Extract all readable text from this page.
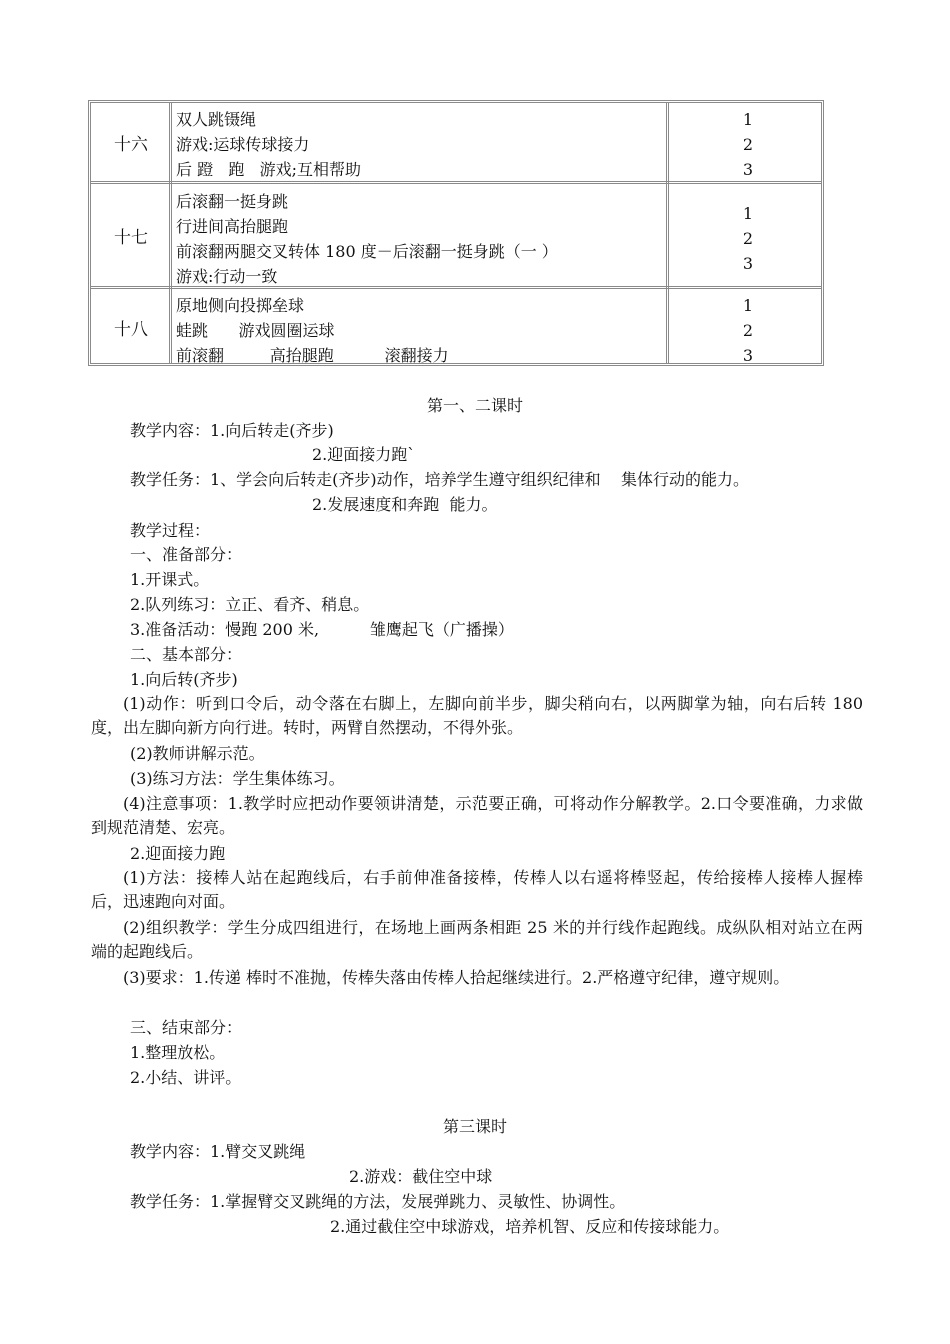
十六
双人跳镊绳
游戏:运球传球接力
后 蹬   跑   游戏;互相帮助
1
2
3
十七
后滚翻一挺身跳
行进间高抬腿跑
前滚翻两腿交叉转体 180 度－后滚翻一挺身跳（一 ）
游戏:行动一致
1
2
3
十八
原地侧向投掷垒球
蛙跳      游戏圆圈运球
前滚翻         高抬腿跑          滚翻接力
1
2
3
第一、二课时
教学内容：1.向后转走(齐步)
2.迎面接力跑`
教学任务：1、学会向后转走(齐步)动作，培养学生遵守组织纪律和    集体行动的能力。
2.发展速度和奔跑  能力。
教学过程：
一、准备部分：
1.开课式。
2.队列练习：立正、看齐、稍息。
3.准备活动：慢跑 200 米,          雏鹰起飞（广播操）
二、基本部分：
1.向后转(齐步)
(1)动作：听到口令后，动令落在右脚上，左脚向前半步，脚尖稍向右，以两脚掌为轴，向右后转 180 度，出左脚向新方向行进。转时，两臂自然摆动，不得外张。
(2)教师讲解示范。
(3)练习方法：学生集体练习。
(4)注意事项：1.教学时应把动作要领讲清楚，示范要正确，可将动作分解教学。2.口令要准确，力求做到规范清楚、宏亮。
2.迎面接力跑
(1)方法：接棒人站在起跑线后，右手前伸准备接棒，传棒人以右遥将棒竖起，传给接棒人接棒人握棒后，迅速跑向对面。
(2)组织教学：学生分成四组进行，在场地上画两条相距 25 米的并行线作起跑线。成纵队相对站立在两端的起跑线后。
(3)要求：1.传递 棒时不准抛，传棒失落由传棒人拾起继续进行。2.严格遵守纪律，遵守规则。
三、结束部分：
1.整理放松。
2.小结、讲评。
第三课时
教学内容：1.臂交叉跳绳
2.游戏：截住空中球
教学任务：1.掌握臂交叉跳绳的方法，发展弹跳力、灵敏性、协调性。
2.通过截住空中球游戏，培养机智、反应和传接球能力。
